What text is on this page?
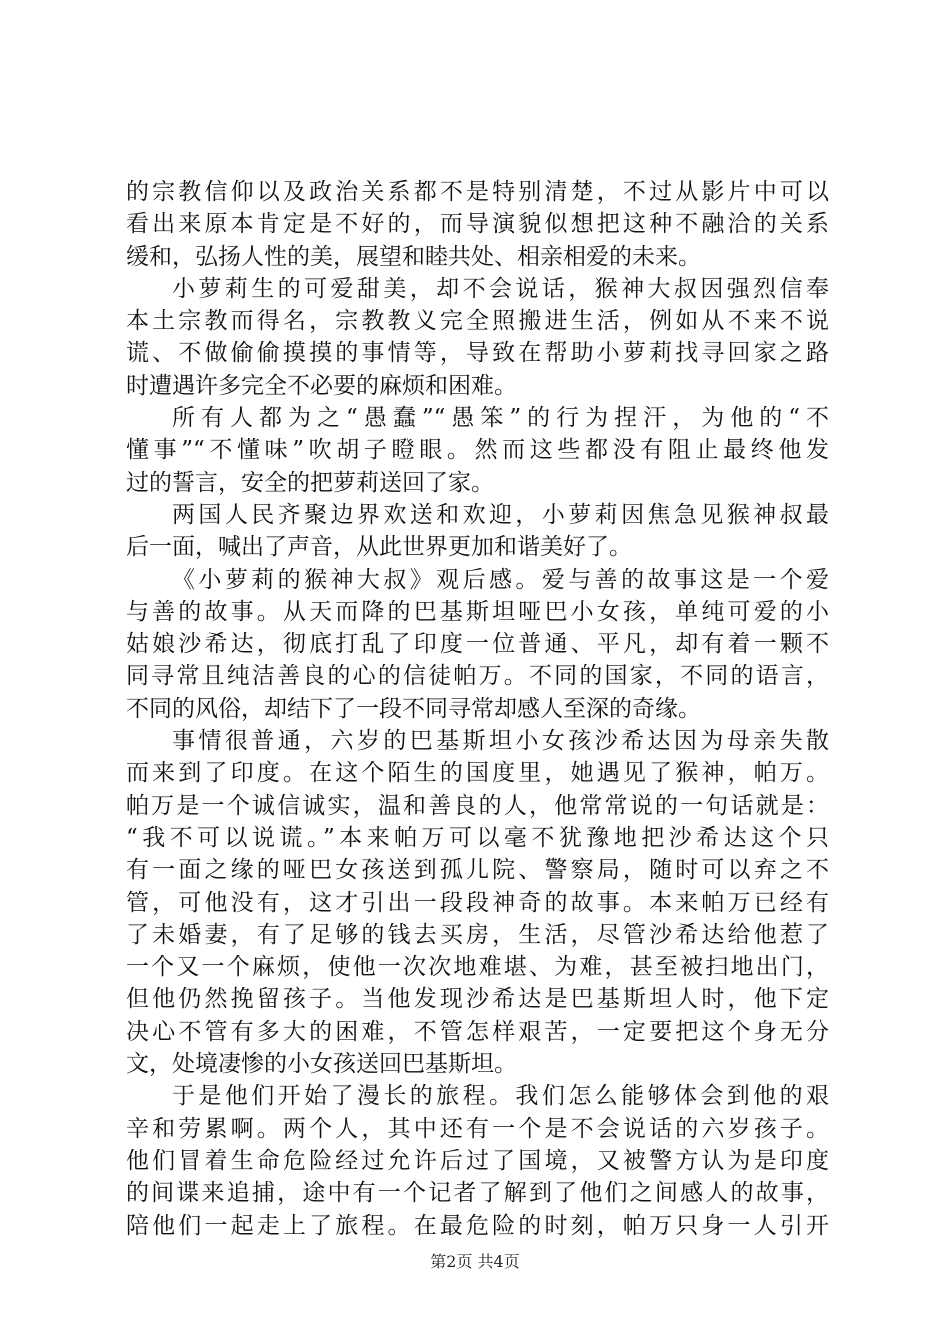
的宗教信仰以及政治关系都不是特别清楚，不过从影片中可以
看出来原本肯定是不好的，而导演貌似想把这种不融洽的关系
缓和，弘扬人性的美，展望和睦共处、相亲相爱的未来。
小萝莉生的可爱甜美，却不会说话，猴神大叔因强烈信奉
本土宗教而得名，宗教教义完全照搬进生活，例如从不来不说
谎、不做偷偷摸摸的事情等，导致在帮助小萝莉找寻回家之路
时遭遇许多完全不必要的麻烦和困难。
所有人都为之“愚蠢”“愚笨”的行为捏汗，为他的“不
懂事”“不懂味”吹胡子瞪眼。然而这些都没有阻止最终他发
过的誓言，安全的把萝莉送回了家。
两国人民齐聚边界欢送和欢迎，小萝莉因焦急见猴神叔最
后一面，喊出了声音，从此世界更加和谐美好了。
《小萝莉的猴神大叔》观后感。爱与善的故事这是一个爱
与善的故事。从天而降的巴基斯坦哑巴小女孩，单纯可爱的小
姑娘沙希达，彻底打乱了印度一位普通、平凡，却有着一颗不
同寻常且纯洁善良的心的信徒帕万。不同的国家，不同的语言，
不同的风俗，却结下了一段不同寻常却感人至深的奇缘。
事情很普通，六岁的巴基斯坦小女孩沙希达因为母亲失散
而来到了印度。在这个陌生的国度里，她遇见了猴神，帕万。
帕万是一个诚信诚实，温和善良的人，他常常说的一句话就是：
“我不可以说谎。”本来帕万可以毫不犹豫地把沙希达这个只
有一面之缘的哑巴女孩送到孤儿院、警察局，随时可以弃之不
管，可他没有，这才引出一段段神奇的故事。本来帕万已经有
了未婚妻，有了足够的钱去买房，生活，尽管沙希达给他惹了
一个又一个麻烦，使他一次次地难堪、为难，甚至被扫地出门，
但他仍然挽留孩子。当他发现沙希达是巴基斯坦人时，他下定
决心不管有多大的困难，不管怎样艰苦，一定要把这个身无分
文，处境凄惨的小女孩送回巴基斯坦。
于是他们开始了漫长的旅程。我们怎么能够体会到他的艰
辛和劳累啊。两个人，其中还有一个是不会说话的六岁孩子。
他们冒着生命危险经过允许后过了国境，又被警方认为是印度
的间谍来追捕，途中有一个记者了解到了他们之间感人的故事，
陪他们一起走上了旅程。在最危险的时刻，帕万只身一人引开
第2页 共4页
